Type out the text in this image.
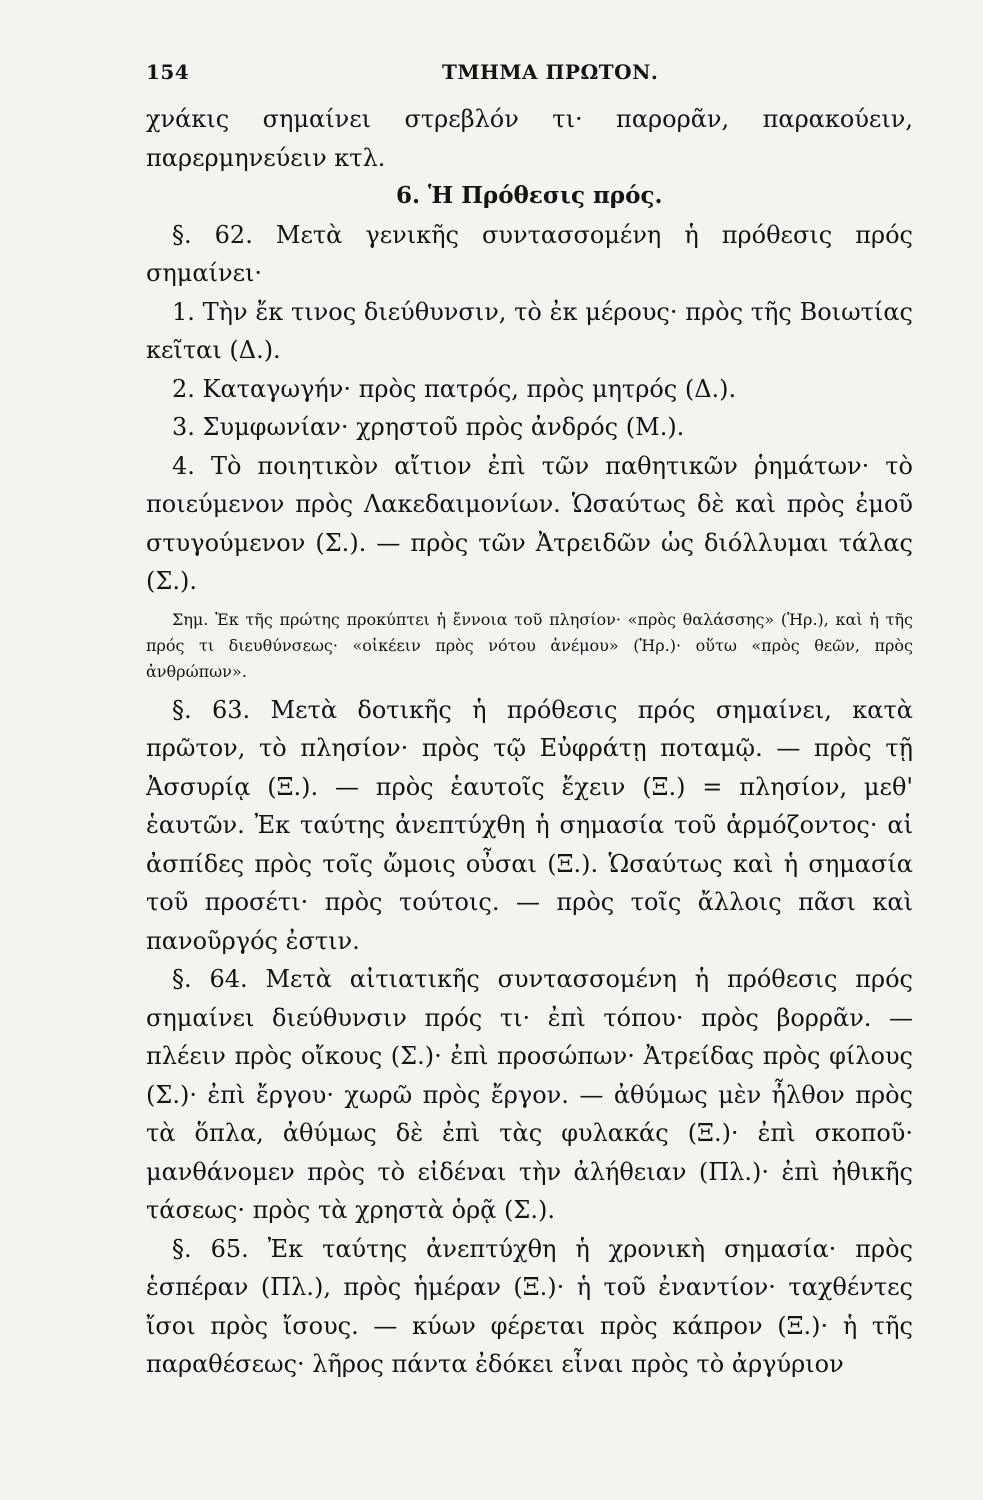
154	ΤΜΗΜΑ ΠΡΩΤΟΝ.

χνάκις σημαίνει στρεβλόν τι· παρορᾶν, παρακούειν, παρερμηνεύειν κτλ.

6. Ἡ Πρόθεσις πρός.

§. 62. Μετὰ γενικῆς συντασσομένη ἡ πρόθεσις πρός σημαίνει·

1. Τὴν ἔκ τινος διεύθυνσιν, τὸ ἐκ μέρους· πρὸς τῆς Βοιωτίας κεῖται (Δ.).

2. Καταγωγήν· πρὸς πατρός, πρὸς μητρός (Δ.).

3. Συμφωνίαν· χρηστοῦ πρὸς ἀνδρός (Μ.).

4. Τὸ ποιητικὸν αἴτιον ἐπὶ τῶν παθητικῶν ῥημάτων· τὸ ποιεύμενον πρὸς Λακεδαιμονίων. Ὡσαύτως δὲ καὶ πρὸς ἐμοῦ στυγούμενον (Σ.). — πρὸς τῶν Ἀτρειδῶν ὡς διόλλυμαι τάλας (Σ.).

Σημ. Ἐκ τῆς πρώτης προκύπτει ἡ ἔννοια τοῦ πλησίον· «πρὸς θαλάσσης» (Ἡρ.), καὶ ἡ τῆς πρός τι διευθύνσεως· «οἰκέειν πρὸς νότου ἀνέμου» (Ἡρ.)· οὕτω «πρὸς θεῶν, πρὸς ἀνθρώπων».

§. 63. Μετὰ δοτικῆς ἡ πρόθεσις πρός σημαίνει, κατὰ πρῶτον, τὸ πλησίον· πρὸς τῷ Εὐφράτῃ ποταμῷ. — πρὸς τῇ Ἀσσυρίᾳ (Ξ.). — πρὸς ἑαυτοῖς ἔχειν (Ξ.) = πλησίον, μεθ' ἑαυτῶν. Ἐκ ταύτης ἀνεπτύχθη ἡ σημασία τοῦ ἁρμόζοντος· αἱ ἀσπίδες πρὸς τοῖς ὤμοις οὖσαι (Ξ.). Ὡσαύτως καὶ ἡ σημασία τοῦ προσέτι· πρὸς τούτοις. — πρὸς τοῖς ἄλλοις πᾶσι καὶ πανοῦργός ἐστιν.

§. 64. Μετὰ αἰτιατικῆς συντασσομένη ἡ πρόθεσις πρός σημαίνει διεύθυνσιν πρός τι· ἐπὶ τόπου· πρὸς βορρᾶν. — πλέειν πρὸς οἴκους (Σ.)· ἐπὶ προσώπων· Ἀτρείδας πρὸς φίλους (Σ.)· ἐπὶ ἔργου· χωρῶ πρὸς ἔργον. — ἀθύμως μὲν ἦλθον πρὸς τὰ ὅπλα, ἀθύμως δὲ ἐπὶ τὰς φυλακάς (Ξ.)· ἐπὶ σκοποῦ· μανθάνομεν πρὸς τὸ εἰδέναι τὴν ἀλήθειαν (Πλ.)· ἐπὶ ἠθικῆς τάσεως· πρὸς τὰ χρηστὰ ὁρᾷ (Σ.).

§. 65. Ἐκ ταύτης ἀνεπτύχθη ἡ χρονικὴ σημασία· πρὸς ἑσπέραν (Πλ.), πρὸς ἡμέραν (Ξ.)· ἡ τοῦ ἐναντίον· ταχθέντες ἴσοι πρὸς ἴσους. — κύων φέρεται πρὸς κάπρον (Ξ.)· ἡ τῆς παραθέσεως· λῆρος πάντα ἐδόκει εἶναι πρὸς τὸ ἀργύριον
